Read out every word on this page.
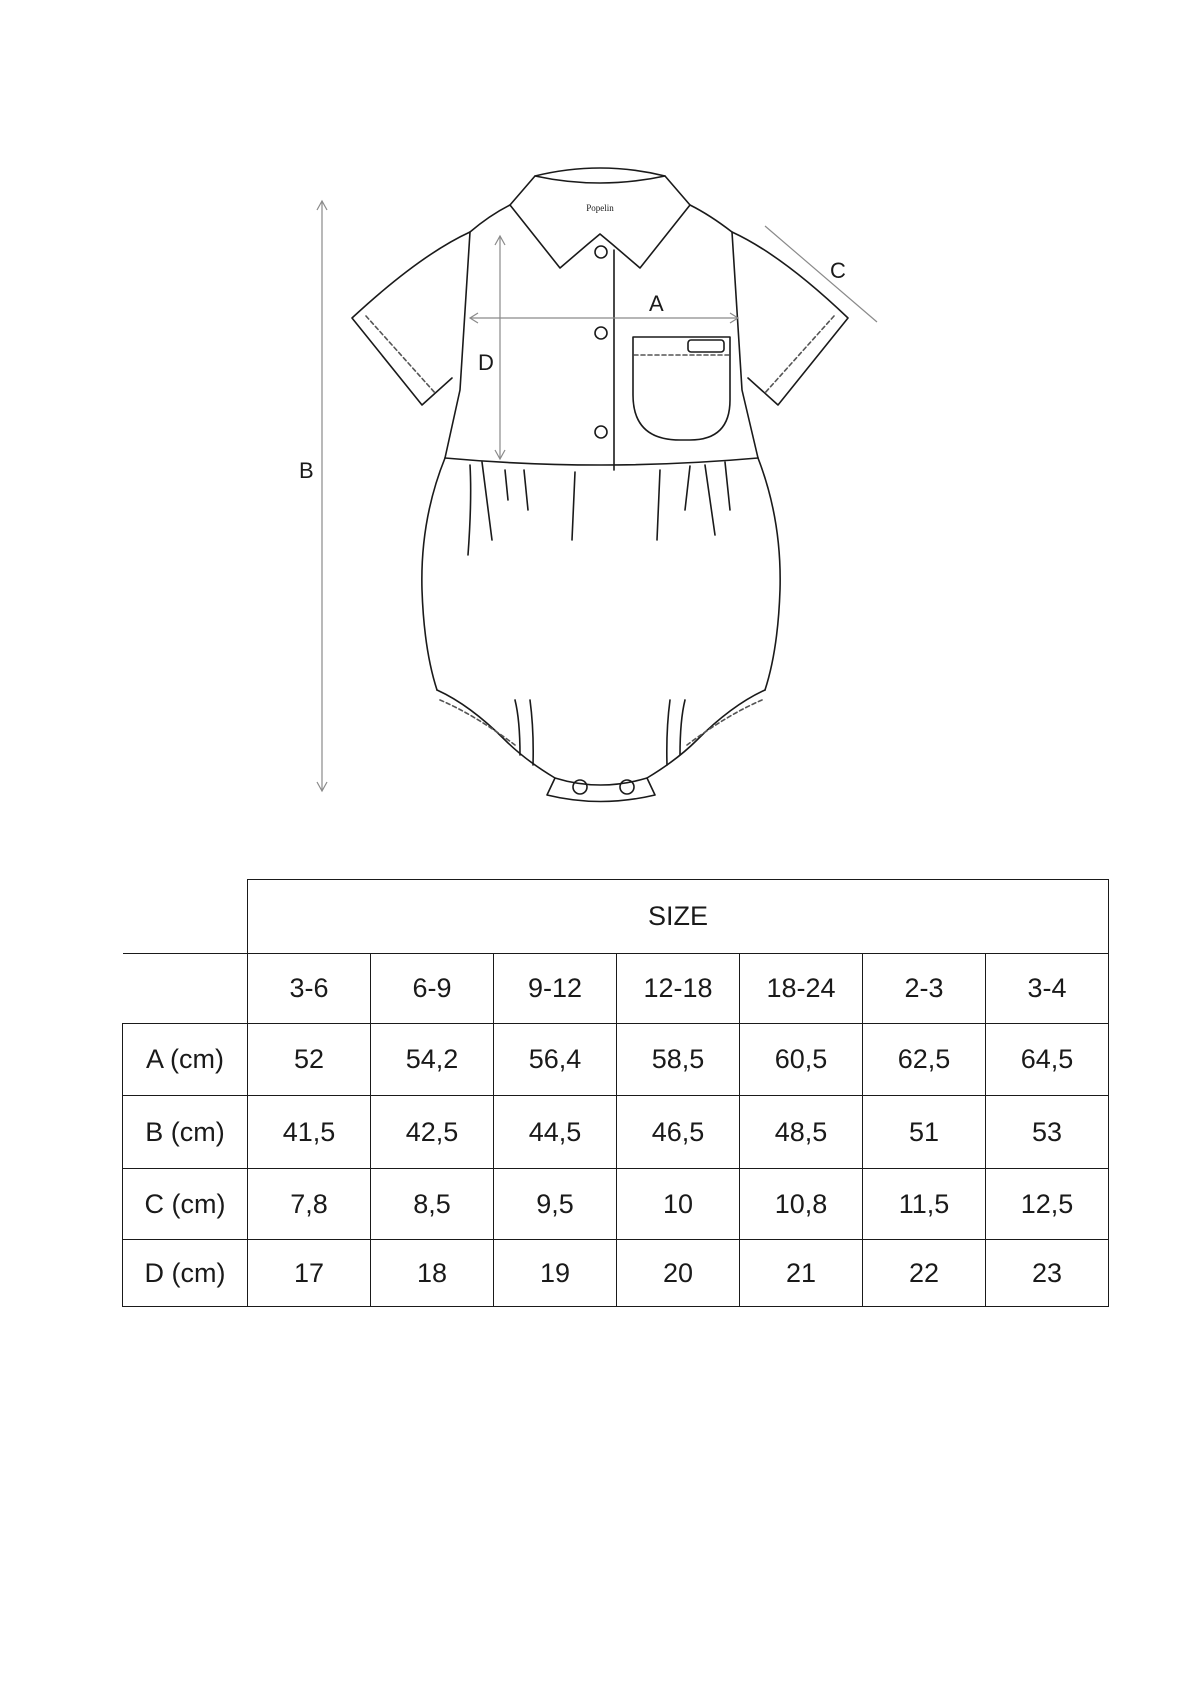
Popelin
A
B
C
D
	SIZE						
	3-6	6-9	9-12	12-18	18-24	2-3	3-4
A (cm)	52	54,2	56,4	58,5	60,5	62,5	64,5
B (cm)	41,5	42,5	44,5	46,5	48,5	51	53
C (cm)	7,8	8,5	9,5	10	10,8	11,5	12,5
D (cm)	17	18	19	20	21	22	23
